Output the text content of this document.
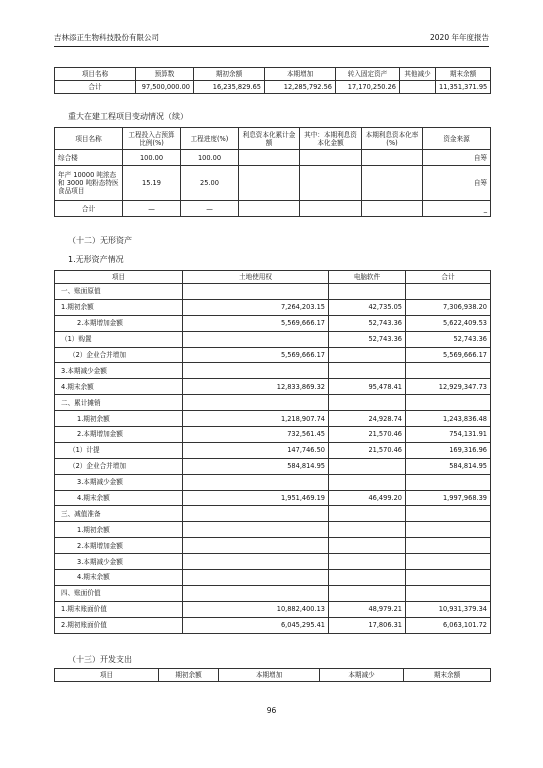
吉林添正生物科技股份有限公司	2020 年年度报告
项目名称	预算数	期初余额	本期增加	转入固定资产	其他减少	期末余额
合计	97,500,000.00	16,235,829.65	12,285,792.56	17,170,250.26		11,351,371.95
重大在建工程项目变动情况（续）
项目名称	工程投入占预算比例(%)	工程进度(%)	利息资本化累计金额	其中：本期利息资本化金额	本期利息资本化率(%)	资金来源
综合楼	100.00	100.00				自筹
年产 10000 吨浓态和 3000 吨粉态特医食品项目	15.19	25.00				自筹
合计	—	—				_
（十二）无形资产
1.无形资产情况
项目	土地使用权	电脑软件	合计
一、账面原值			
1.期初余额	7,264,203.15	42,735.05	7,306,938.20
2.本期增加金额	5,569,666.17	52,743.36	5,622,409.53
（1）购置		52,743.36	52,743.36
（2）企业合并增加	5,569,666.17		5,569,666.17
3.本期减少金额			
4.期末余额	12,833,869.32	95,478.41	12,929,347.73
二、累计摊销			
1.期初余额	1,218,907.74	24,928.74	1,243,836.48
2.本期增加金额	732,561.45	21,570.46	754,131.91
（1）计提	147,746.50	21,570.46	169,316.96
（2）企业合并增加	584,814.95		584,814.95
3.本期减少金额			
4.期末余额	1,951,469.19	46,499.20	1,997,968.39
三、减值准备			
1.期初余额			
2.本期增加金额			
3.本期减少金额			
4.期末余额			
四、账面价值			
1.期末账面价值	10,882,400.13	48,979.21	10,931,379.34
2.期初账面价值	6,045,295.41	17,806.31	6,063,101.72
（十三）开发支出
项目	期初余额	本期增加	本期减少	期末余额
96
